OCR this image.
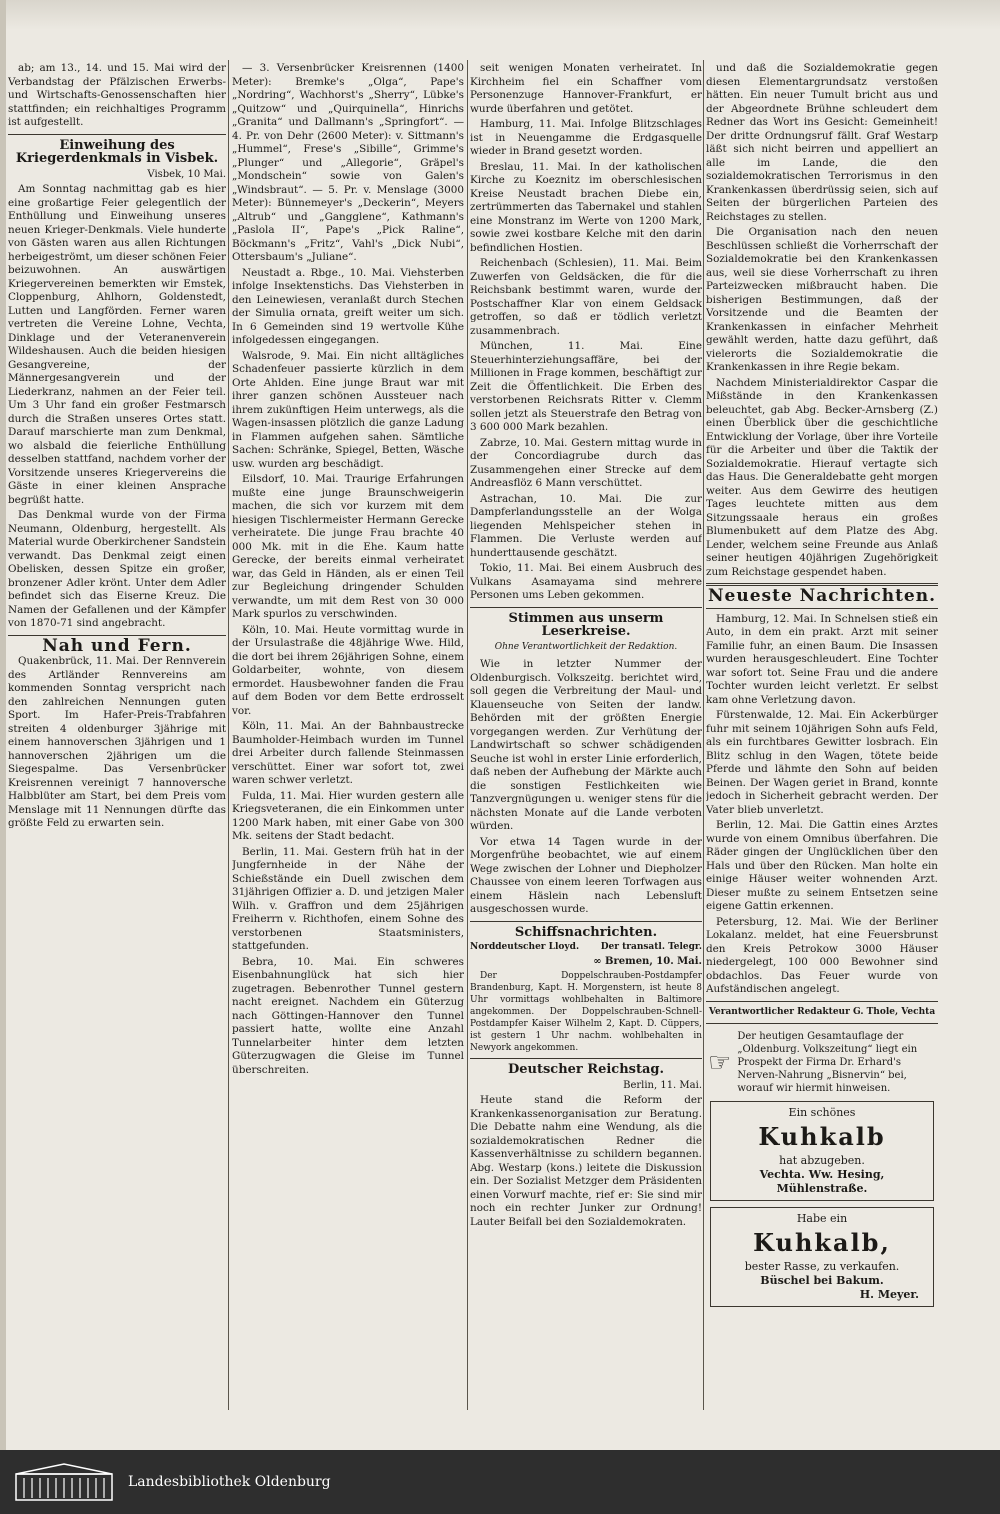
ab; am 13., 14. und 15. Mai wird der Verbandstag der Pfälzischen Erwerbs- und Wirtschafts-Genossenschaften hier stattfinden; ein reichhaltiges Programm ist aufgestellt.

Einweihung des Kriegerdenkmals in Visbek.
Visbek, 10 Mai.

Am Sonntag nachmittag gab es hier eine großartige Feier gelegentlich der Enthüllung und Einweihung unseres neuen Krieger-Denkmals. Viele hunderte von Gästen waren aus allen Richtungen herbeigeströmt, um dieser schönen Feier beizuwohnen. An auswärtigen Kriegervereinen bemerkten wir Emstek, Cloppenburg, Ahlhorn, Goldenstedt, Lutten und Langförden. Ferner waren vertreten die Vereine Lohne, Vechta, Dinklage und der Veteranenverein Wildeshausen. Auch die beiden hiesigen Gesangvereine, der Männergesangverein und der Liederkranz, nahmen an der Feier teil. Um 3 Uhr fand ein großer Festmarsch durch die Straßen unseres Ortes statt. Darauf marschierte man zum Denkmal, wo alsbald die feierliche Enthüllung desselben stattfand, nachdem vorher der Vorsitzende unseres Kriegervereins die Gäste in einer kleinen Ansprache begrüßt hatte.

Das Denkmal wurde von der Firma Neumann, Oldenburg, hergestellt. Als Material wurde Oberkirchener Sandstein verwandt. Das Denkmal zeigt einen Obelisken, dessen Spitze ein großer, bronzener Adler krönt. Unter dem Adler befindet sich das Eiserne Kreuz. Die Namen der Gefallenen und der Kämpfer von 1870-71 sind angebracht.

Nah und Fern.

Quakenbrück, 11. Mai. Der Rennverein des Artländer Rennvereins am kommenden Sonntag verspricht nach den zahlreichen Nennungen guten Sport. Im Hafer-Preis-Trabfahren streiten 4 oldenburger 3jährige mit einem hannoverschen 3jährigen und 1 hannoverschen 2jährigen um die Siegespalme. Das Versenbrücker Kreisrennen vereinigt 7 hannoversche Halbblüter am Start, bei dem Preis vom Menslage mit 11 Nennungen dürfte das größte Feld zu erwarten sein.

— 3. Versenbrücker Kreisrennen (1400 Meter): Bremke's „Olga“, Pape's „Nordring“, Wachhorst's „Sherry“, Lübke's „Quitzow“ und „Quirquinella“, Hinrichs „Granita“ und Dallmann's „Springfort“. — 4. Pr. von Dehr (2600 Meter): v. Sittmann's „Hummel“, Frese's „Sibille“, Grimme's „Plunger“ und „Allegorie“, Gräpel's „Mondschein“ sowie von Galen's „Windsbraut“. — 5. Pr. v. Menslage (3000 Meter): Bünnemeyer's „Deckerin“, Meyers „Altrub“ und „Gangglene“, Kathmann's „Paslola II“, Pape's „Pick Raline“, Böckmann's „Fritz“, Vahl's „Dick Nubi“, Ottersbaum's „Juliane“.

Neustadt a. Rbge., 10. Mai. Viehsterben infolge Insektenstichs. Das Viehsterben in den Leinewiesen, veranlaßt durch Stechen der Simulia ornata, greift weiter um sich. In 6 Gemeinden sind 19 wertvolle Kühe infolgedessen eingegangen.

Walsrode, 9. Mai. Ein nicht alltägliches Schadenfeuer passierte kürzlich in dem Orte Ahlden. Eine junge Braut war mit ihrer ganzen schönen Aussteuer nach ihrem zukünftigen Heim unterwegs, als die Wagen-insassen plötzlich die ganze Ladung in Flammen aufgehen sahen. Sämtliche Sachen: Schränke, Spiegel, Betten, Wäsche usw. wurden arg beschädigt.

Eilsdorf, 10. Mai. Traurige Erfahrungen mußte eine junge Braunschweigerin machen, die sich vor kurzem mit dem hiesigen Tischlermeister Hermann Gerecke verheiratete. Die junge Frau brachte 40 000 Mk. mit in die Ehe. Kaum hatte Gerecke, der bereits einmal verheiratet war, das Geld in Händen, als er einen Teil zur Begleichung dringender Schulden verwandte, um mit dem Rest von 30 000 Mark spurlos zu verschwinden.

Köln, 10. Mai. Heute vormittag wurde in der Ursulastraße die 48jährige Wwe. Hild, die dort bei ihrem 26jährigen Sohne, einem Goldarbeiter, wohnte, von diesem ermordet. Hausbewohner fanden die Frau auf dem Boden vor dem Bette erdrosselt vor.

Köln, 11. Mai. An der Bahnbaustrecke Baumholder-Heimbach wurden im Tunnel drei Arbeiter durch fallende Steinmassen verschüttet. Einer war sofort tot, zwei waren schwer verletzt.

Fulda, 11. Mai. Hier wurden gestern alle Kriegsveteranen, die ein Einkommen unter 1200 Mark haben, mit einer Gabe von 300 Mk. seitens der Stadt bedacht.

Berlin, 11. Mai. Gestern früh hat in der Jungfernheide in der Nähe der Schießstände ein Duell zwischen dem 31jährigen Offizier a. D. und jetzigen Maler Wilh. v. Graffron und dem 25jährigen Freiherrn v. Richthofen, einem Sohne des verstorbenen Staatsministers, stattgefunden.

Bebra, 10. Mai. Ein schweres Eisenbahnunglück hat sich hier zugetragen. Bebenrother Tunnel gestern nacht ereignet. Nachdem ein Güterzug nach Göttingen-Hannover den Tunnel passiert hatte, wollte eine Anzahl Tunnelarbeiter hinter dem letzten Güterzugwagen die Gleise im Tunnel überschreiten.

seit wenigen Monaten verheiratet. In Kirchheim fiel ein Schaffner vom Personenzuge Hannover-Frankfurt, er wurde überfahren und getötet.

Hamburg, 11. Mai. Infolge Blitzschlages ist in Neuengamme die Erdgasquelle wieder in Brand gesetzt worden.

Breslau, 11. Mai. In der katholischen Kirche zu Koeznitz im oberschlesischen Kreise Neustadt brachen Diebe ein, zertrümmerten das Tabernakel und stahlen eine Monstranz im Werte von 1200 Mark, sowie zwei kostbare Kelche mit den darin befindlichen Hostien.

Reichenbach (Schlesien), 11. Mai. Beim Zuwerfen von Geldsäcken, die für die Reichsbank bestimmt waren, wurde der Postschaffner Klar von einem Geldsack getroffen, so daß er tödlich verletzt zusammenbrach.

München, 11. Mai. Eine Steuerhinterziehungsaffäre, bei der Millionen in Frage kommen, beschäftigt zur Zeit die Öffentlichkeit. Die Erben des verstorbenen Reichsrats Ritter v. Clemm sollen jetzt als Steuerstrafe den Betrag von 3 600 000 Mark bezahlen.

Zabrze, 10. Mai. Gestern mittag wurde in der Concordiagrube durch das Zusammengehen einer Strecke auf dem Andreasflöz 6 Mann verschüttet.

Astrachan, 10. Mai. Die zur Dampferlandungsstelle an der Wolga liegenden Mehlspeicher stehen in Flammen. Die Verluste werden auf hunderttausende geschätzt.

Tokio, 11. Mai. Bei einem Ausbruch des Vulkans Asamayama sind mehrere Personen ums Leben gekommen.

Stimmen aus unserm Leserkreise.
Ohne Verantwortlichkeit der Redaktion.

Wie in letzter Nummer der Oldenburgisch. Volkszeitg. berichtet wird, soll gegen die Verbreitung der Maul- und Klauenseuche von Seiten der landw. Behörden mit der größten Energie vorgegangen werden. Zur Verhütung der Landwirtschaft so schwer schädigenden Seuche ist wohl in erster Linie erforderlich, daß neben der Aufhebung der Märkte auch die sonstigen Festlichkeiten wie Tanzvergnügungen u. weniger stens für die nächsten Monate auf die Lande verboten würden.

Vor etwa 14 Tagen wurde in der Morgenfrühe beobachtet, wie auf einem Wege zwischen der Lohner und Diepholzer Chaussee von einem leeren Torfwagen aus einem Häslein nach Lebensluft ausgeschossen wurde.

Schiffsnachrichten.
Norddeutscher Lloyd. Der transatl. Telegr.
∞ Bremen, 10. Mai.

Der Doppelschrauben-Postdampfer Brandenburg, Kapt. H. Morgenstern, ist heute 8 Uhr vormittags wohlbehalten in Baltimore angekommen. Der Doppelschrauben-Schnell-Postdampfer Kaiser Wilhelm 2, Kapt. D. Cüppers, ist gestern 1 Uhr nachm. wohlbehalten in Newyork angekommen.

Deutscher Reichstag.
Berlin, 11. Mai.

Heute stand die Reform der Krankenkassenorganisation zur Beratung. Die Debatte nahm eine Wendung, als die sozialdemokratischen Redner die Kassenverhältnisse zu schildern begannen. Abg. Westarp (kons.) leitete die Diskussion ein. Der Sozialist Metzger dem Präsidenten einen Vorwurf machte, rief er: Sie sind mir noch ein rechter Junker zur Ordnung! Lauter Beifall bei den Sozialdemokraten.

und daß die Sozialdemokratie gegen diesen Elementargrundsatz verstoßen hätten. Ein neuer Tumult bricht aus und der Abgeordnete Brühne schleudert dem Redner das Wort ins Gesicht: Gemeinheit! Der dritte Ordnungsruf fällt. Graf Westarp läßt sich nicht beirren und appelliert an alle im Lande, die den sozialdemokratischen Terrorismus in den Krankenkassen überdrüssig seien, sich auf Seiten der bürgerlichen Parteien des Reichstages zu stellen.

Die Organisation nach den neuen Beschlüssen schließt die Vorherrschaft der Sozialdemokratie bei den Krankenkassen aus, weil sie diese Vorherrschaft zu ihren Parteizwecken mißbraucht haben. Die bisherigen Bestimmungen, daß der Vorsitzende und die Beamten der Krankenkassen in einfacher Mehrheit gewählt werden, hatte dazu geführt, daß vielerorts die Sozialdemokratie die Krankenkassen in ihre Regie bekam.

Nachdem Ministerialdirektor Caspar die Mißstände in den Krankenkassen beleuchtet, gab Abg. Becker-Arnsberg (Z.) einen Überblick über die geschichtliche Entwicklung der Vorlage, über ihre Vorteile für die Arbeiter und über die Taktik der Sozialdemokratie. Hierauf vertagte sich das Haus. Die Generaldebatte geht morgen weiter. Aus dem Gewirre des heutigen Tages leuchtete mitten aus dem Sitzungssaale heraus ein großes Blumenbukett auf dem Platze des Abg. Lender, welchem seine Freunde aus Anlaß seiner heutigen 40jährigen Zugehörigkeit zum Reichstage gespendet haben.

Neueste Nachrichten.

Hamburg, 12. Mai. In Schnelsen stieß ein Auto, in dem ein prakt. Arzt mit seiner Familie fuhr, an einen Baum. Die Insassen wurden herausgeschleudert. Eine Tochter war sofort tot. Seine Frau und die andere Tochter wurden leicht verletzt. Er selbst kam ohne Verletzung davon.

Fürstenwalde, 12. Mai. Ein Ackerbürger fuhr mit seinem 10jährigen Sohn aufs Feld, als ein furchtbares Gewitter losbrach. Ein Blitz schlug in den Wagen, tötete beide Pferde und lähmte den Sohn auf beiden Beinen. Der Wagen geriet in Brand, konnte jedoch in Sicherheit gebracht werden. Der Vater blieb unverletzt.

Berlin, 12. Mai. Die Gattin eines Arztes wurde von einem Omnibus überfahren. Die Räder gingen der Unglücklichen über den Hals und über den Rücken. Man holte ein einige Häuser weiter wohnenden Arzt. Dieser mußte zu seinem Entsetzen seine eigene Gattin erkennen.

Petersburg, 12. Mai. Wie der Berliner Lokalanz. meldet, hat eine Feuersbrunst den Kreis Petrokow 3000 Häuser niedergelegt, 100 000 Bewohner sind obdachlos. Das Feuer wurde von Aufständischen angelegt.

Verantwortlicher Redakteur G. Thole, Vechta
☞
Der heutigen Gesamtauflage der „Oldenburg. Volkszeitung“ liegt ein Prospekt der Firma Dr. Erhard's Nerven-Nahrung „Bisnervin“ bei, worauf wir hiermit hinweisen.
Ein schönes
Kuhkalb
hat abzugeben.
Vechta. Ww. Hesing,
Mühlenstraße.
Habe ein
Kuhkalb,
bester Rasse, zu verkaufen.
Büschel bei Bakum.
H. Meyer.
Landesbibliothek Oldenburg
